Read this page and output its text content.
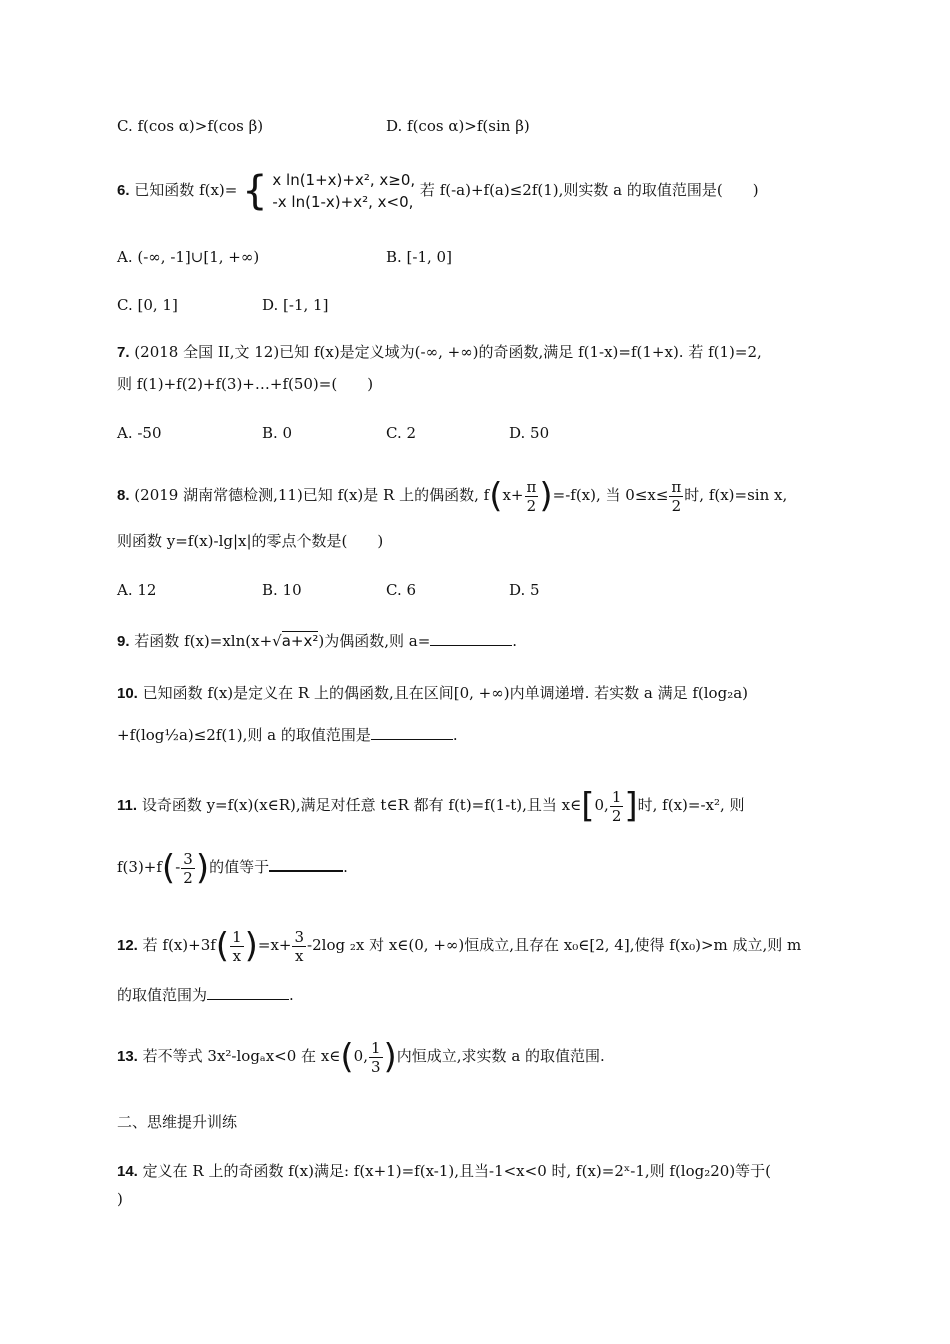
C. f(cos α)>f(cos β)	D. f(cos α)>f(sin β)
6. 已知函数 f(x)= { x ln(1+x)+x², x≥0,
-x ln(1-x)+x², x<0,
若 f(-a)+f(a)≤2f(1),则实数 a 的取值范围是(　　)
A. (-∞, -1]∪[1, +∞)	B. [-1, 0]
C. [0, 1]	D. [-1, 1]
7. (2018 全国 II,文 12)已知 f(x)是定义域为(-∞, +∞)的奇函数,满足 f(1-x)=f(1+x). 若 f(1)=2,
则 f(1)+f(2)+f(3)+…+f(50)=(　　)
A. -50	B. 0	C. 2	D. 50
8. (2019 湖南常德检测,11)已知 f(x)是 R 上的偶函数, $f(x+ \frac{\pi}{2} )=-f(x)$, 当 $0\le x\le \frac{\pi}{2}$ 时, f(x)=sin x,
则函数 y=f(x)-lg|x|的零点个数是(　　)
A. 12	B. 10	C. 6	D. 5
9. 若函数 f(x)=xln(x+√a+x²)为偶函数,则 a=	.
10. 已知函数 f(x)是定义在 R 上的偶函数,且在区间[0, +∞)内单调递增. 若实数 a 满足 f(log₂a)
+f(log½a)≤2f(1),则 a 的取值范围是	.
11. 设奇函数 y=f(x)(x∈R),满足对任意 t∈R 都有 f(t)=f(1-t),且当 x∈[0, $\frac{1}{2}$ ]时, f(x)=-x², 则
$f(3)+f(- \frac{3}{2}$ )的值等于	.
12. 若 $f(x)+3f( \frac{1}{x} )=x+ \frac{3}{x} -2\log$ ₂x 对 x∈(0, +∞)恒成立,且存在 x₀∈[2, 4],使得 f(x₀)>m 成立,则 m
的取值范围为	.
13. 若不等式 3x²-logₐx<0 在 x∈(0, $\frac{1}{3}$ )内恒成立,求实数 a 的取值范围.
二、思维提升训练
14. 定义在 R 上的奇函数 f(x)满足: f(x+1)=f(x-1),且当-1<x<0 时, f(x)=2ˣ-1,则 f(log₂20)等于(
)
